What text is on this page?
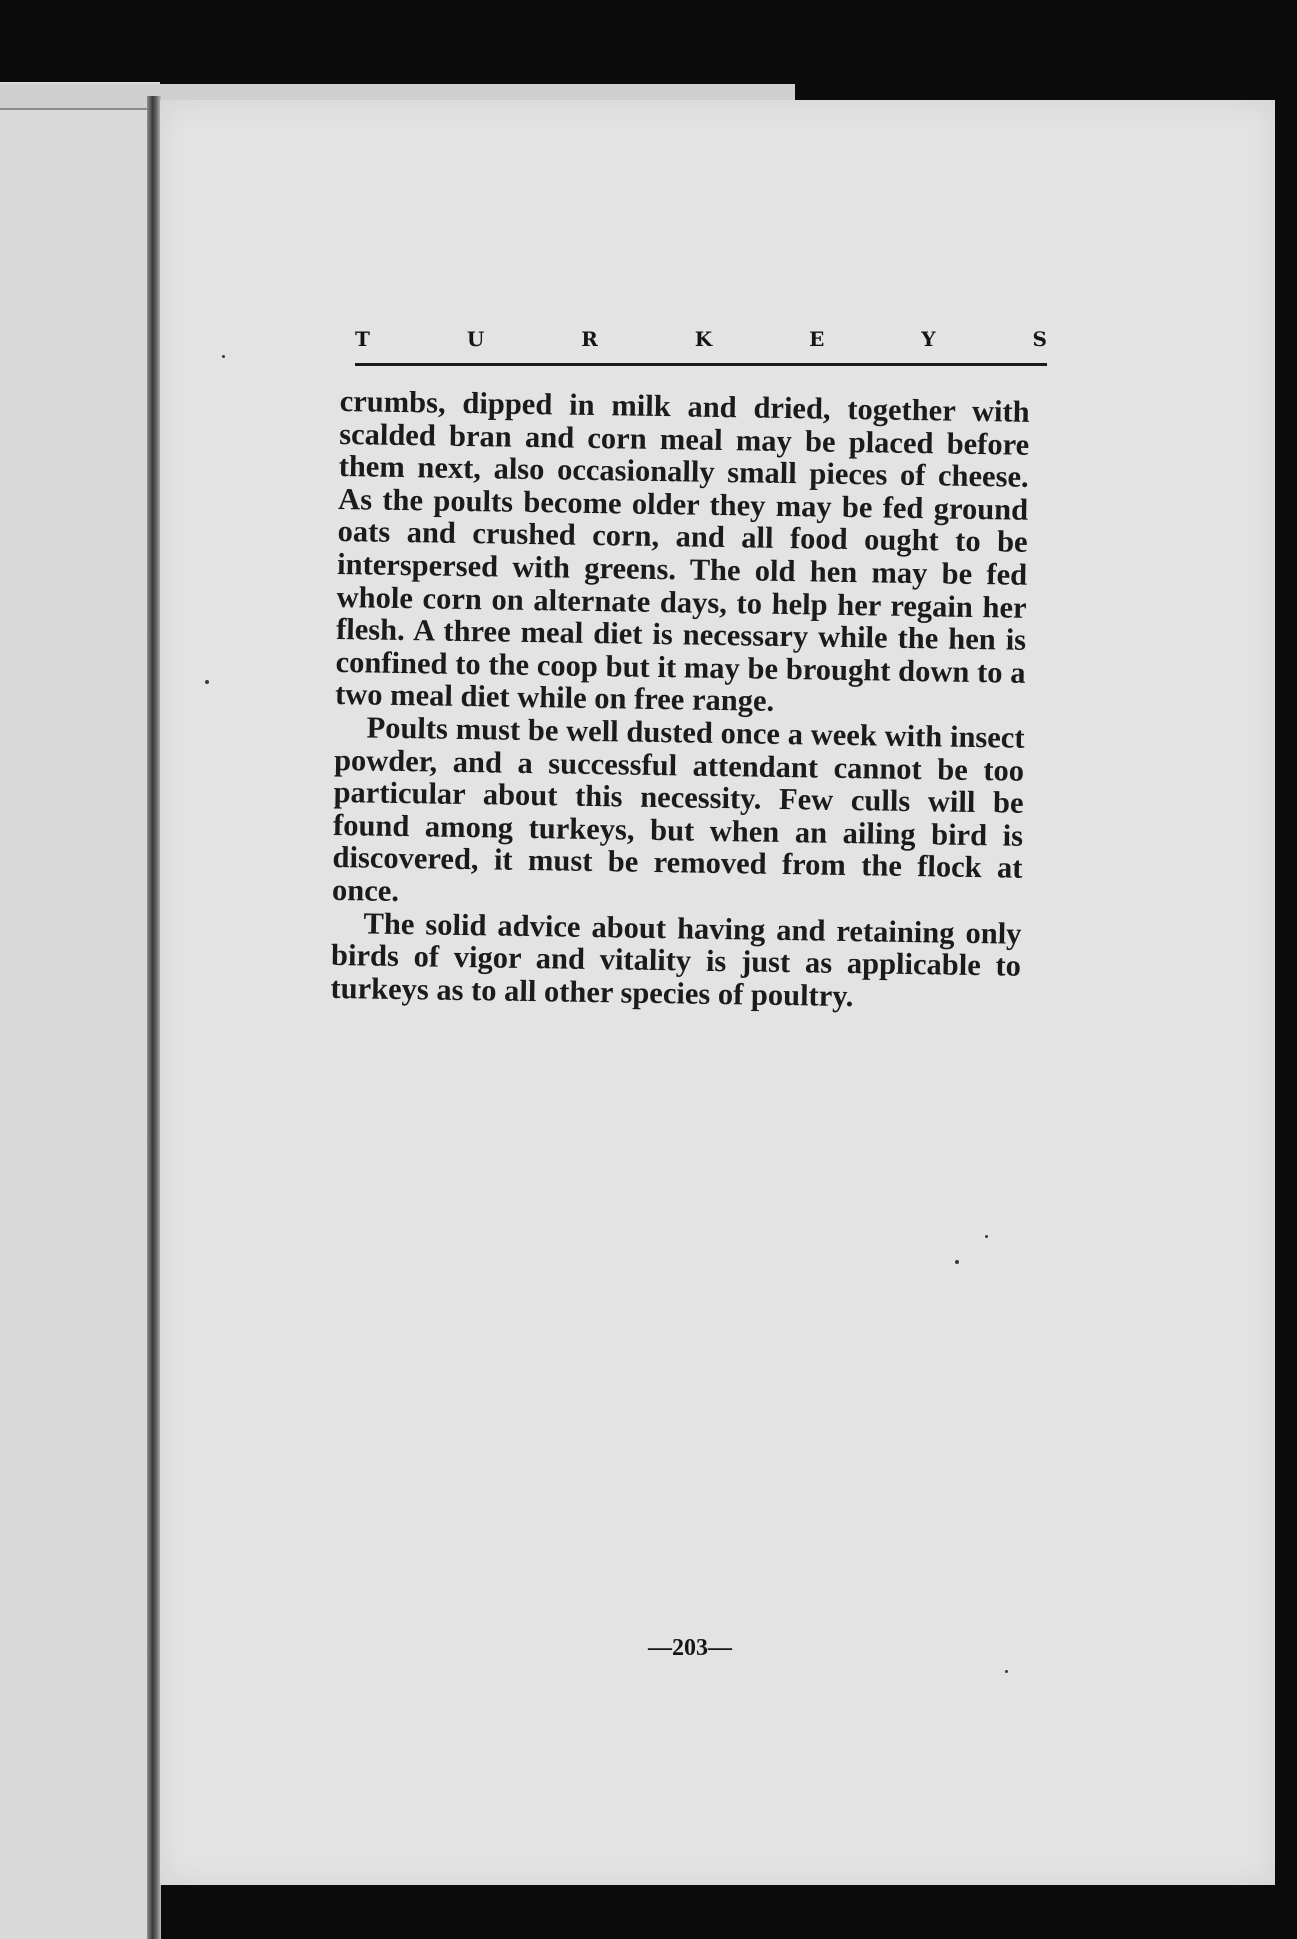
T	U	R	K	E	Y	S

crumbs, dipped in milk and dried, together with scalded bran and corn meal may be placed before them next, also occasionally small pieces of cheese. As the poults become older they may be fed ground oats and crushed corn, and all food ought to be interspersed with greens. The old hen may be fed whole corn on alternate days, to help her regain her flesh. A three meal diet is necessary while the hen is confined to the coop but it may be brought down to a two meal diet while on free range.

Poults must be well dusted once a week with insect powder, and a successful attendant cannot be too particular about this necessity. Few culls will be found among turkeys, but when an ailing bird is discovered, it must be removed from the flock at once.

The solid advice about having and retaining only birds of vigor and vitality is just as applicable to turkeys as to all other species of poultry.

—203—
